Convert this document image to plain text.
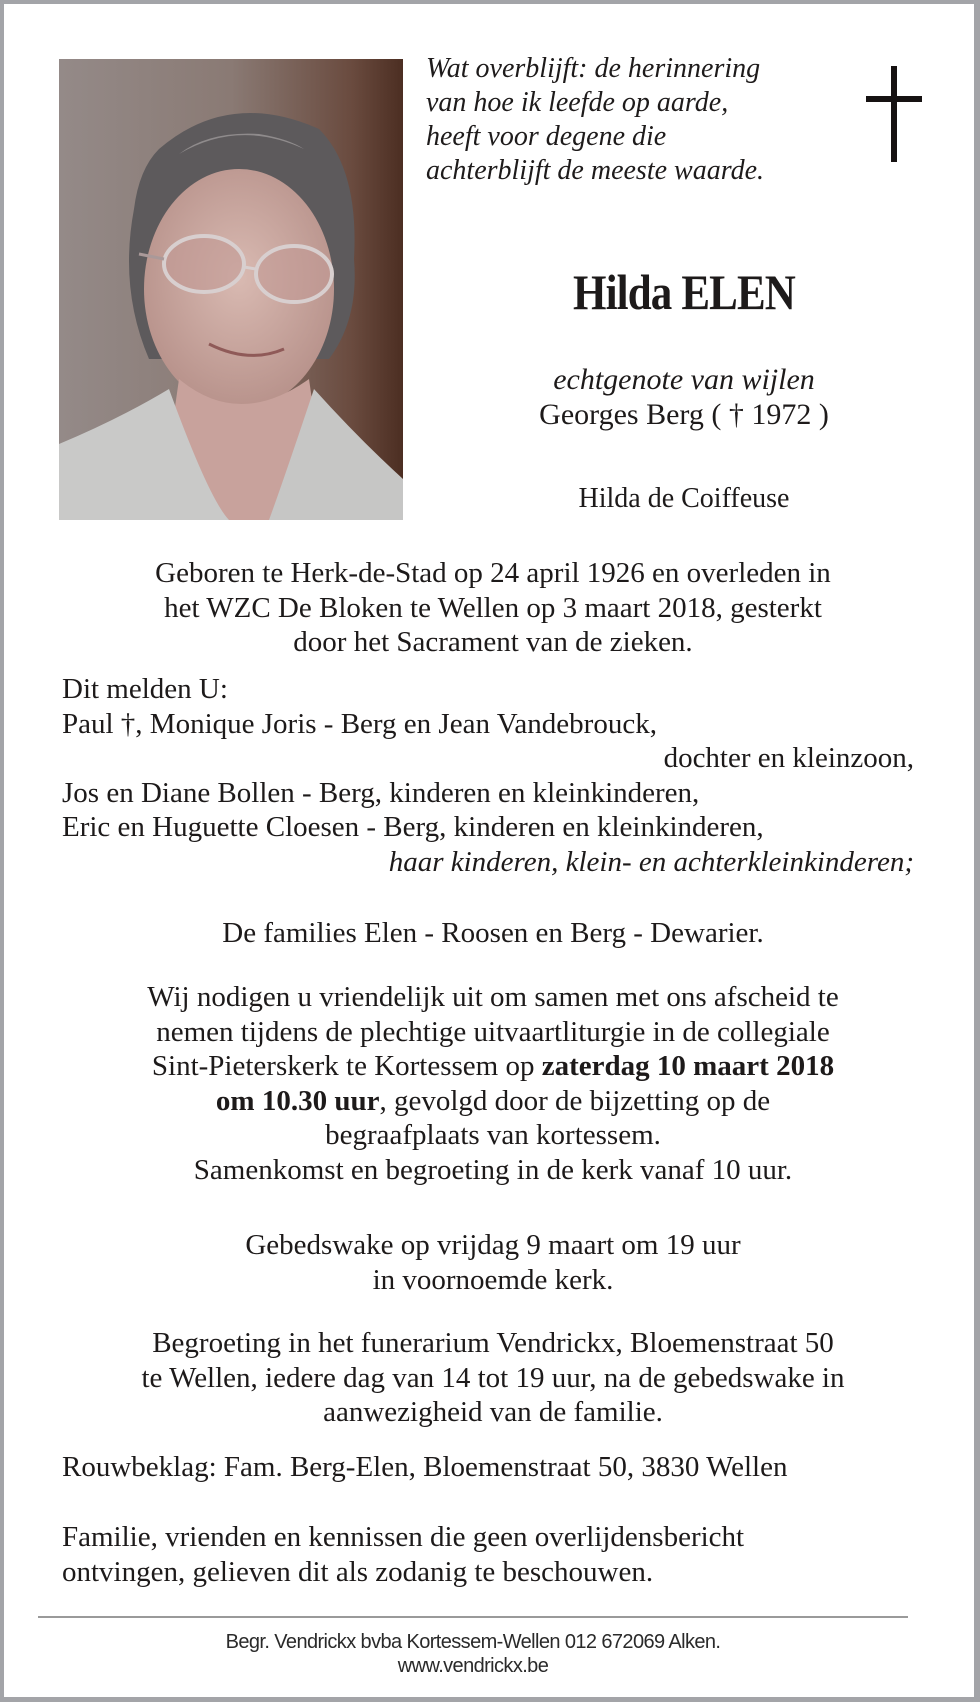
Wat overblijft: de herinnering
van hoe ik leefde op aarde,
heeft voor degene die
achterblijft de meeste waarde.
Hilda ELEN
echtgenote van wijlen
Georges Berg ( † 1972 )
Hilda de Coiffeuse
Geboren te Herk-de-Stad op 24 april 1926 en overleden in
het WZC De Bloken te Wellen op 3 maart 2018, gesterkt
door het Sacrament van de zieken.
Dit melden U:
Paul †, Monique Joris - Berg en Jean Vandebrouck,
dochter en kleinzoon,
Jos en Diane Bollen - Berg, kinderen en kleinkinderen,
Eric en Huguette Cloesen - Berg, kinderen en kleinkinderen,
haar kinderen, klein- en achterkleinkinderen;
De families Elen - Roosen en Berg - Dewarier.
Wij nodigen u vriendelijk uit om samen met ons afscheid te
nemen tijdens de plechtige uitvaartliturgie in de collegiale
Sint-Pieterskerk te Kortessem op zaterdag 10 maart 2018
om 10.30 uur, gevolgd door de bijzetting op de
begraafplaats van kortessem.
Samenkomst en begroeting in de kerk vanaf 10 uur.
Gebedswake op vrijdag 9 maart om 19 uur
in voornoemde kerk.
Begroeting in het funerarium Vendrickx, Bloemenstraat 50
te Wellen, iedere dag van 14 tot 19 uur, na de gebedswake in
aanwezigheid van de familie.
Rouwbeklag: Fam. Berg-Elen, Bloemenstraat 50, 3830 Wellen
Familie, vrienden en kennissen die geen overlijdensbericht
ontvingen, gelieven dit als zodanig te beschouwen.
Begr. Vendrickx bvba Kortessem-Wellen 012 672069 Alken.
www.vendrickx.be
